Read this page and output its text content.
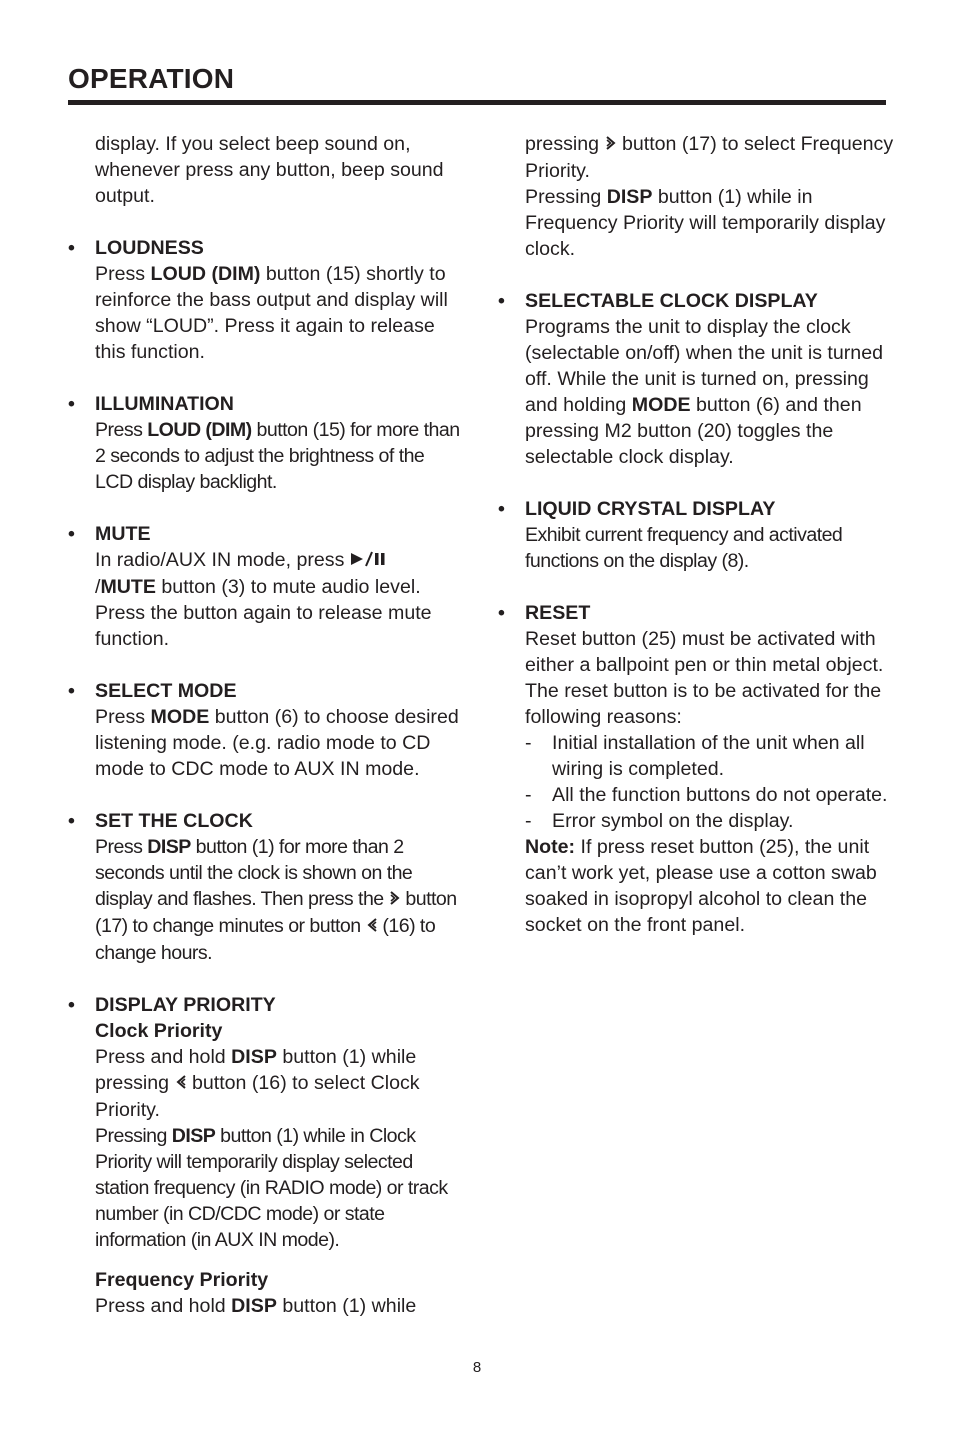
OPERATION

display. If you select beep sound on, whenever press any button, beep sound output.

• LOUDNESS

Press LOUD (DIM) button (15) shortly to reinforce the bass output and display will show “LOUD”. Press it again to release this function.

• ILLUMINATION

Press LOUD (DIM) button (15) for more than 2 seconds to adjust the brightness of the LCD display backlight.

• MUTE

In radio/AUX IN mode, press
/MUTE button (3) to mute audio level. Press the button again to release mute function.

• SELECT MODE

Press MODE button (6) to choose desired listening mode. (e.g. radio mode to CD mode to CDC mode to AUX IN mode.

• SET THE CLOCK

Press DISP button (1) for more than 2 seconds until the clock is shown on the display and flashes. Then press the  button (17) to change minutes or button  (16) to change hours.

• DISPLAY PRIORITY
Clock Priority

Press and hold DISP button (1) while pressing  button (16) to select Clock Priority.

Pressing DISP button (1) while in Clock Priority will temporarily display selected station frequency (in RADIO mode) or track number (in CD/CDC mode) or state information (in AUX IN mode).

Frequency Priority

Press and hold DISP button (1) while

pressing  button (17) to select Frequency Priority.

Pressing DISP button (1) while in Frequency Priority will temporarily display clock.

• SELECTABLE CLOCK DISPLAY

Programs the unit to display the clock (selectable on/off) when the unit is turned off. While the unit is turned on, pressing and holding MODE button (6) and then pressing M2 button (20) toggles the selectable clock display.

• LIQUID CRYSTAL DISPLAY

Exhibit current frequency and activated functions on the display (8).

• RESET

Reset button (25) must be activated with either a ballpoint pen or thin metal object. The reset button is to be activated for the following reasons:

- Initial installation of the unit when all wiring is completed.
- All the function buttons do not operate.
- Error symbol on the display.

Note: If press reset button (25), the unit can’t work yet, please use a cotton swab soaked in isopropyl alcohol to clean the socket on the front panel.

8
